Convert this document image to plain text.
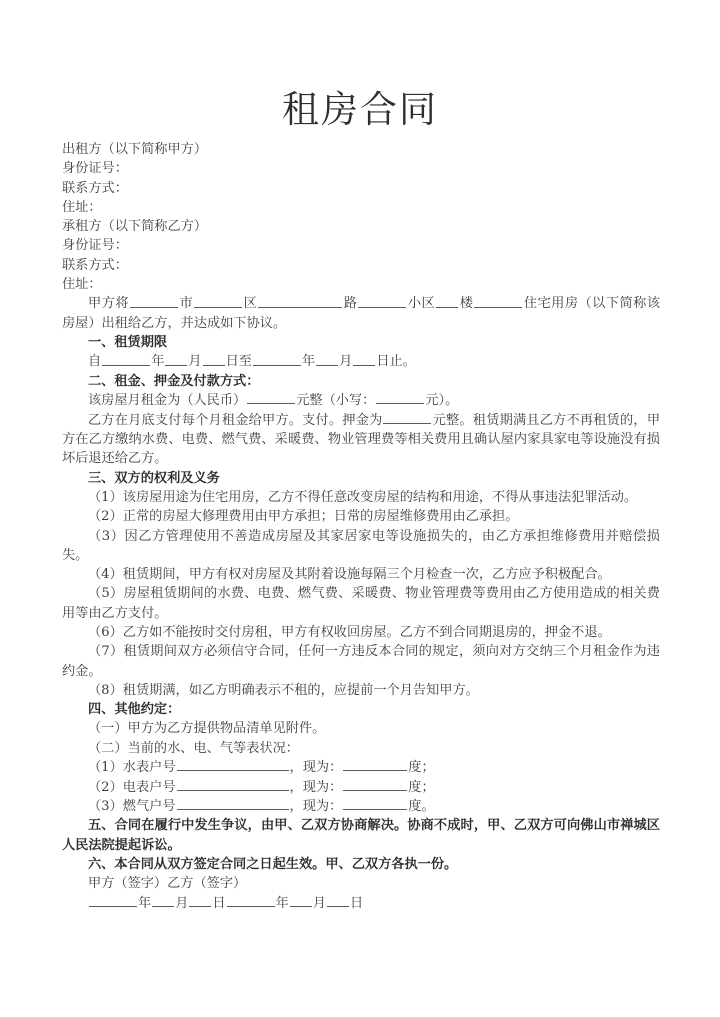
租房合同

出租方（以下简称甲方）

身份证号：

联系方式：

住址：

承租方（以下简称乙方）

身份证号：

联系方式：

住址：

甲方将	市	区	路	小区 楼	住宅用房（以下简称该房屋）出租给乙方，并达成如下协议。

一、租赁期限

自	年 月 日至	年 月 日止。

二、租金、押金及付款方式：

该房屋月租金为（人民币）	元整（小写：	元）。

乙方在月底支付每个月租金给甲方。支付。押金为	元整。租赁期满且乙方不再租赁的，甲方在乙方缴纳水费、电费、燃气费、采暖费、物业管理费等相关费用且确认屋内家具家电等设施没有损坏后退还给乙方。

三、双方的权利及义务

（1）该房屋用途为住宅用房，乙方不得任意改变房屋的结构和用途，不得从事违法犯罪活动。

（2）正常的房屋大修理费用由甲方承担；日常的房屋维修费用由乙承担。

（3）因乙方管理使用不善造成房屋及其家居家电等设施损失的，由乙方承担维修费用并赔偿损失。

（4）租赁期间，甲方有权对房屋及其附着设施每隔三个月检查一次，乙方应予积极配合。

（5）房屋租赁期间的水费、电费、燃气费、采暖费、物业管理费等费用由乙方使用造成的相关费用等由乙方支付。

（6）乙方如不能按时交付房租，甲方有权收回房屋。乙方不到合同期退房的，押金不退。

（7）租赁期间双方必须信守合同，任何一方违反本合同的规定，须向对方交纳三个月租金作为违约金。

（8）租赁期满，如乙方明确表示不租的，应提前一个月告知甲方。

四、其他约定：

（一）甲方为乙方提供物品清单见附件。

（二）当前的水、电、气等表状况：

（1）水表户号	，现为：	度；

（2）电表户号	，现为：	度；

（3）燃气户号	，现为：	度。

五、合同在履行中发生争议，由甲、乙双方协商解决。协商不成时，甲、乙双方可向佛山市禅城区人民法院提起诉讼。

六、本合同从双方签定合同之日起生效。甲、乙双方各执一份。

甲方（签字）乙方（签字）

年 月 日	年 月 日
